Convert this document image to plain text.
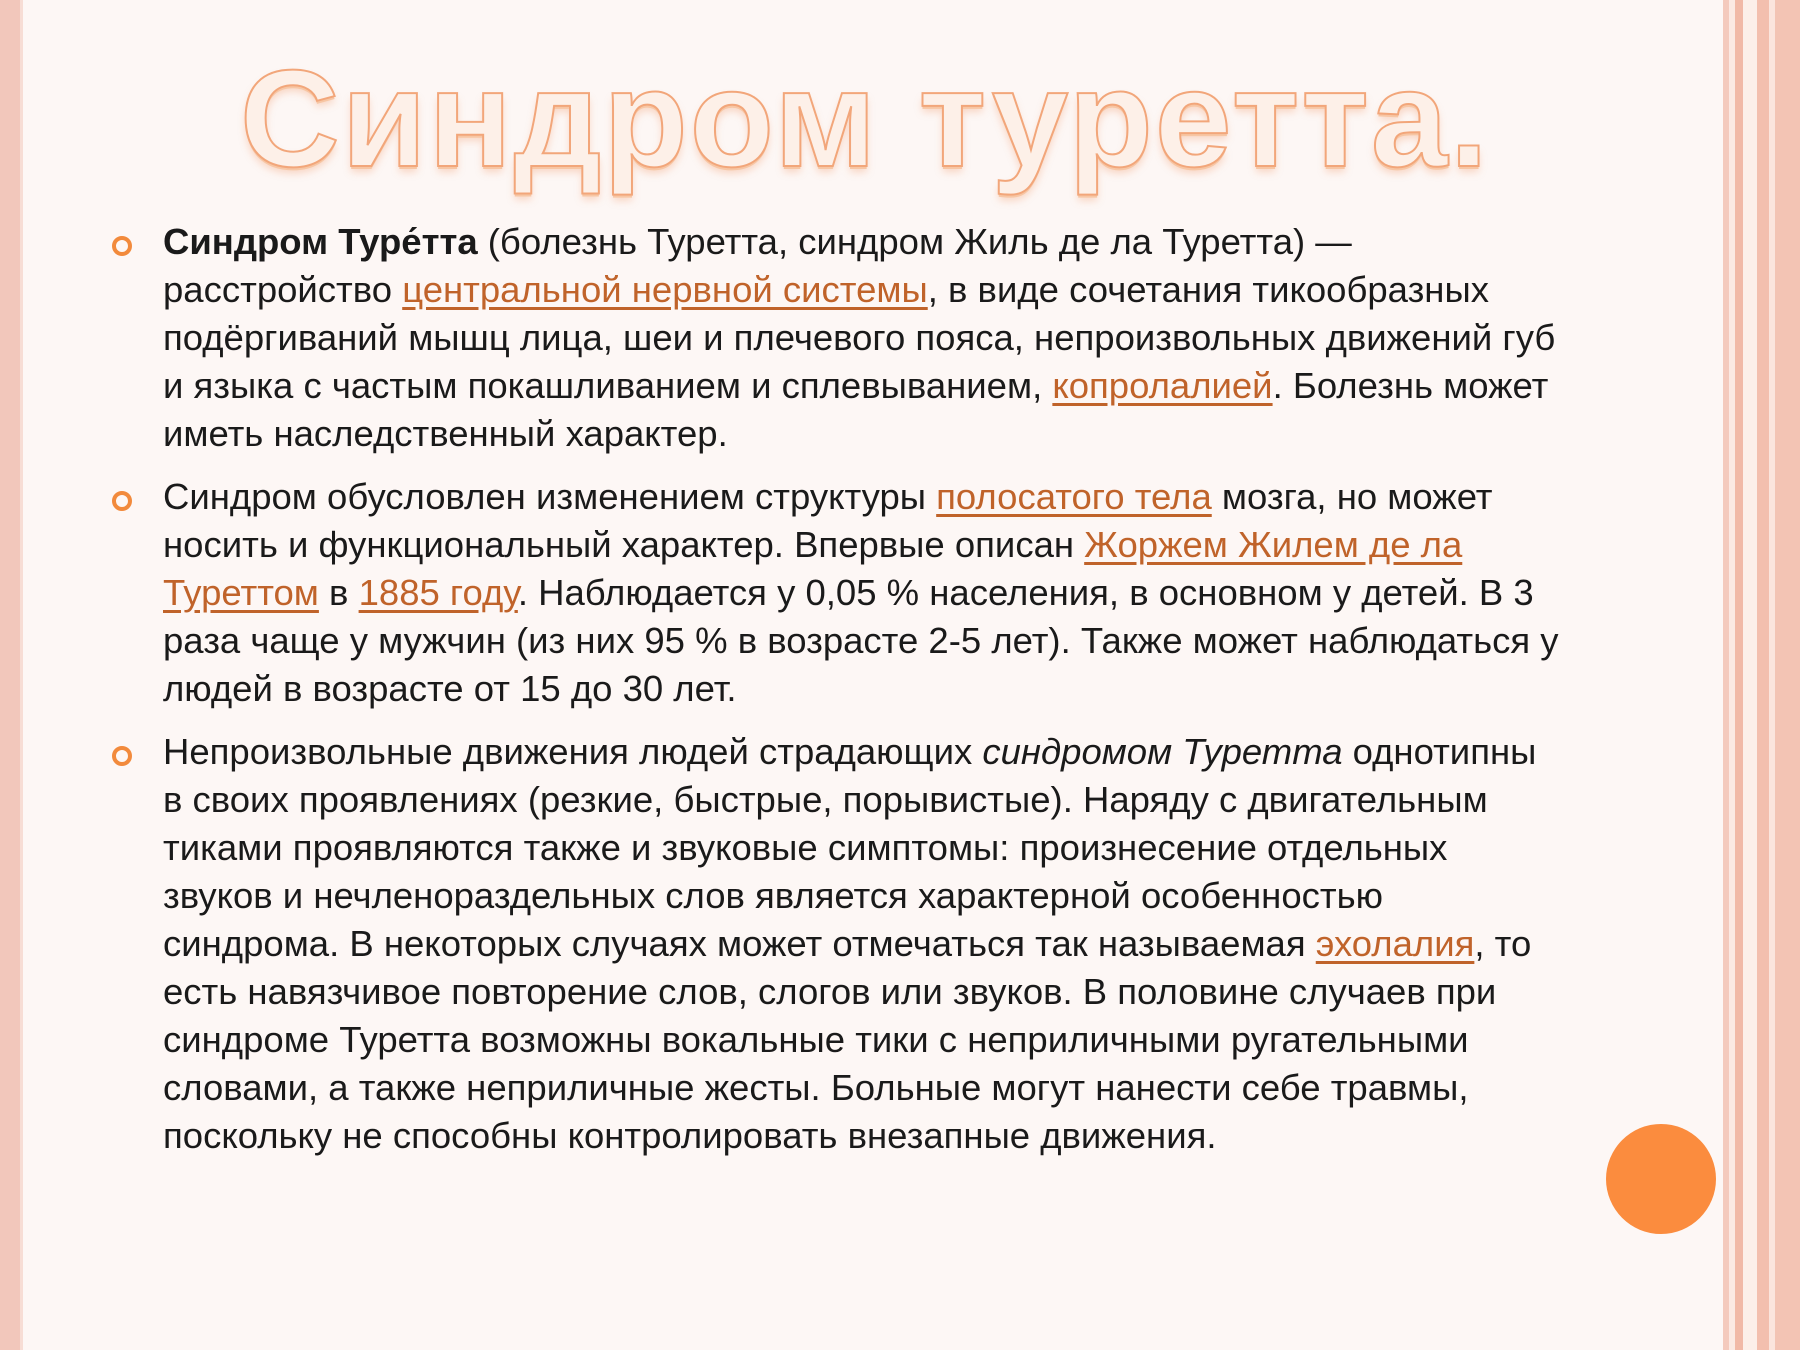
Синдром туретта.
Синдром Туре́тта (болезнь Туретта, синдром Жиль де ла Туретта) — расстройство центральной нервной системы, в виде сочетания тикообразных подёргиваний мышц лица, шеи и плечевого пояса, непроизвольных движений губ и языка с частым покашливанием и сплевыванием, копролалией. Болезнь может иметь наследственный характер.
Синдром обусловлен изменением структуры полосатого тела мозга, но может носить и функциональный характер. Впервые описан Жоржем Жилем де ла Туреттом в 1885 году. Наблюдается у 0,05 % населения, в основном у детей. В 3 раза чаще у мужчин (из них 95 % в возрасте 2-5 лет). Также может наблюдаться у людей в возрасте от 15 до 30 лет.
Непроизвольные движения людей страдающих синдромом Туретта однотипны в своих проявлениях (резкие, быстрые, порывистые). Наряду с двигательным тиками проявляются также и звуковые симптомы: произнесение отдельных звуков и нечленораздельных слов является характерной особенностью синдрома. В некоторых случаях может отмечаться так называемая эхолалия, то есть навязчивое повторение слов, слогов или звуков. В половине случаев при синдроме Туретта возможны вокальные тики с неприличными ругательными словами, а также неприличные жесты. Больные могут нанести себе травмы, поскольку не способны контролировать внезапные движения.
